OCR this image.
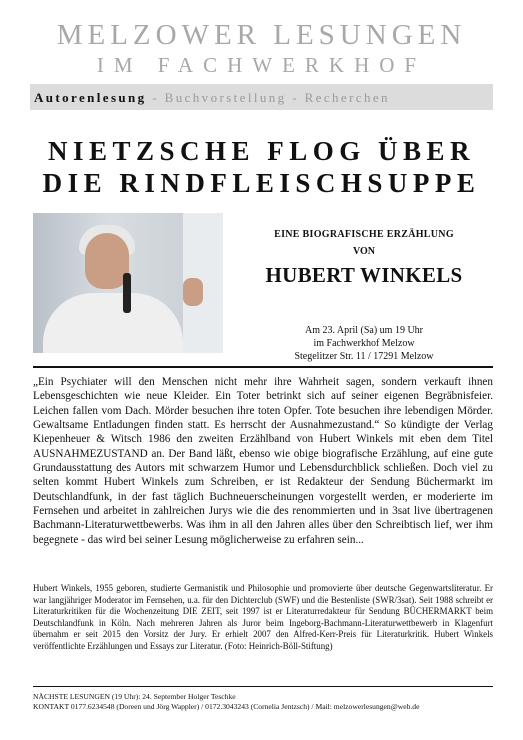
MELZOWER LESUNGEN
IM FACHWERKHOF
Autorenlesung - Buchvorstellung - Recherchen
NIETZSCHE FLOG ÜBER
DIE RINDFLEISCHSUPPE
EINE BIOGRAFISCHE ERZÄHLUNG
VON
HUBERT WINKELS
Am 23. April (Sa) um 19 Uhr
im Fachwerkhof Melzow
Stegelitzer Str. 11 / 17291 Melzow

„Ein Psychiater will den Menschen nicht mehr ihre Wahrheit sagen, sondern verkauft ihnen Lebensgeschichten wie neue Kleider. Ein Toter betrinkt sich auf seiner eigenen Begräbnisfeier. Leichen fallen vom Dach. Mörder besuchen ihre toten Opfer. Tote besuchen ihre lebendigen Mörder. Gewaltsame Entladungen finden statt. Es herrscht der Ausnahmezustand.“ So kündigte der Verlag Kiepenheuer & Witsch 1986 den zweiten Erzählband von Hubert Winkels mit eben dem Titel AUSNAHMEZUSTAND an. Der Band läßt, ebenso wie obige biografische Erzählung, auf eine gute Grundausstattung des Autors mit schwarzem Humor und Lebensdurchblick schließen. Doch viel zu selten kommt Hubert Winkels zum Schreiben, er ist Redakteur der Sendung Büchermarkt im Deutschlandfunk, in der fast täglich Buchneuerscheinungen vorgestellt werden, er moderierte im Fernsehen und arbeitet in zahlreichen Jurys wie die des renommierten und in 3sat live übertragenen Bachmann-Literaturwettbewerbs. Was ihm in all den Jahren alles über den Schreibtisch lief, wer ihm begegnete - das wird bei seiner Lesung möglicherweise zu erfahren sein...

Hubert Winkels, 1955 geboren, studierte Germanistik und Philosophie und promovierte über deutsche Gegenwartsliteratur. Er war langjähriger Moderator im Fernsehen, u.a. für den Dichterclub (SWF) und die Bestenliste (SWR/3sat). Seit 1988 schreibt er Literaturkritiken für die Wochenzeitung DIE ZEIT, seit 1997 ist er Literaturredakteur für Sendung BÜCHERMARKT beim Deutschlandfunk in Köln. Nach mehreren Jahren als Juror beim Ingeborg-Bachmann-Literaturwettbewerb in Klagenfurt übernahm er seit 2015 den Vorsitz der Jury. Er erhielt 2007 den Alfred-Kerr-Preis für Literaturkritik. Hubert Winkels veröffentlichte Erzählungen und Essays zur Literatur. (Foto: Heinrich-Böll-Stiftung)

NÄCHSTE LESUNGEN (19 Uhr): 24. September Holger Teschke
KONTAKT 0177.6234548 (Doreen und Jörg Wappler) / 0172.3043243 (Cornelia Jentzsch) / Mail: melzowerlesungen@web.de
